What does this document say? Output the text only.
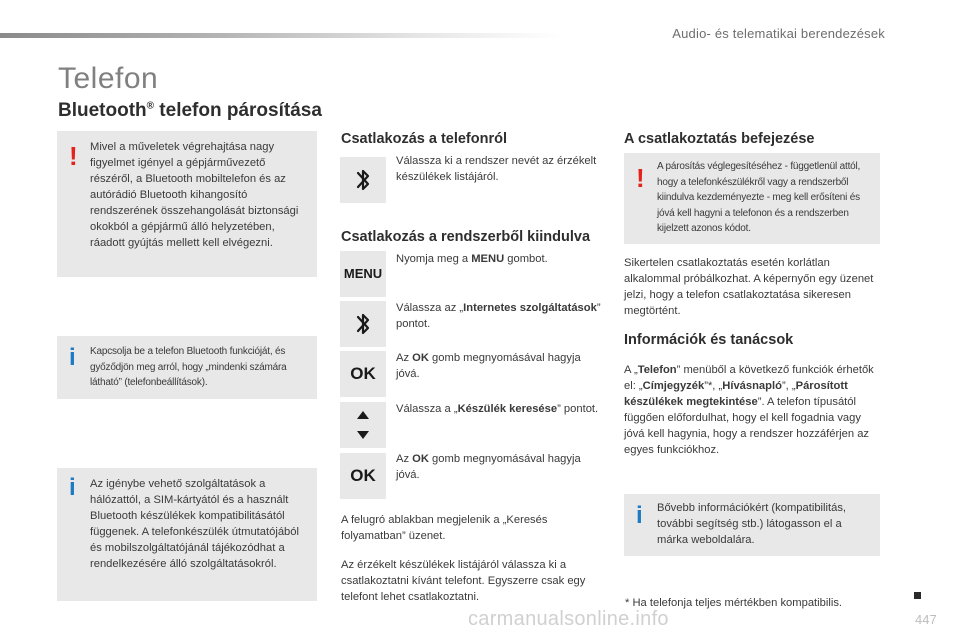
Audio- és telematikai berendezések
Telefon
Bluetooth® telefon párosítása
! Mivel a műveletek végrehajtása nagy figyelmet igényel a gépjárművezető részéről, a Bluetooth mobiltelefon és az autórádió Bluetooth kihangosító rendszerének összehangolását biztonsági okokból a gépjármű álló helyzetében, ráadott gyújtás mellett kell elvégezni.
i Kapcsolja be a telefon Bluetooth funkcióját, és győződjön meg arról, hogy „mindenki számára látható” (telefonbeállítások).
i Az igénybe vehető szolgáltatások a hálózattól, a SIM-kártyától és a használt Bluetooth készülékek kompatibilitásától függenek. A telefonkészülék útmutatójából és mobilszolgáltatójánál tájékozódhat a rendelkezésére álló szolgáltatásokról.
Csatlakozás a telefonról
Válassza ki a rendszer nevét az érzékelt készülékek listájáról.
Csatlakozás a rendszerből kiindulva
MENU
Nyomja meg a MENU gombot.
Válassza az „Internetes szolgáltatások” pontot.
OK
Az OK gomb megnyomásával hagyja jóvá.
Válassza a „Készülék keresése” pontot.
OK
Az OK gomb megnyomásával hagyja jóvá.
A felugró ablakban megjelenik a „Keresés folyamatban” üzenet.
Az érzékelt készülékek listájáról válassza ki a csatlakoztatni kívánt telefont. Egyszerre csak egy telefont lehet csatlakoztatni.
A csatlakoztatás befejezése
! A párosítás véglegesítéséhez - függetlenül attól, hogy a telefonkészülékről vagy a rendszerből kiindulva kezdeményezte - meg kell erősíteni és jóvá kell hagyni a telefonon és a rendszerben kijelzett azonos kódot.
Sikertelen csatlakoztatás esetén korlátlan alkalommal próbálkozhat. A képernyőn egy üzenet jelzi, hogy a telefon csatlakoztatása sikeresen megtörtént.
Információk és tanácsok
A „Telefon” menüből a következő funkciók érhetők el: „Címjegyzék”*, „Hívásnapló”, „Párosított készülékek megtekintése”. A telefon típusától függően előfordulhat, hogy el kell fogadnia vagy jóvá kell hagynia, hogy a rendszer hozzáférjen az egyes funkciókhoz.
i Bővebb információkért (kompatibilitás, további segítség stb.) látogasson el a márka weboldalára.
* Ha telefonja teljes mértékben kompatibilis.
carmanualsonline.info	447
